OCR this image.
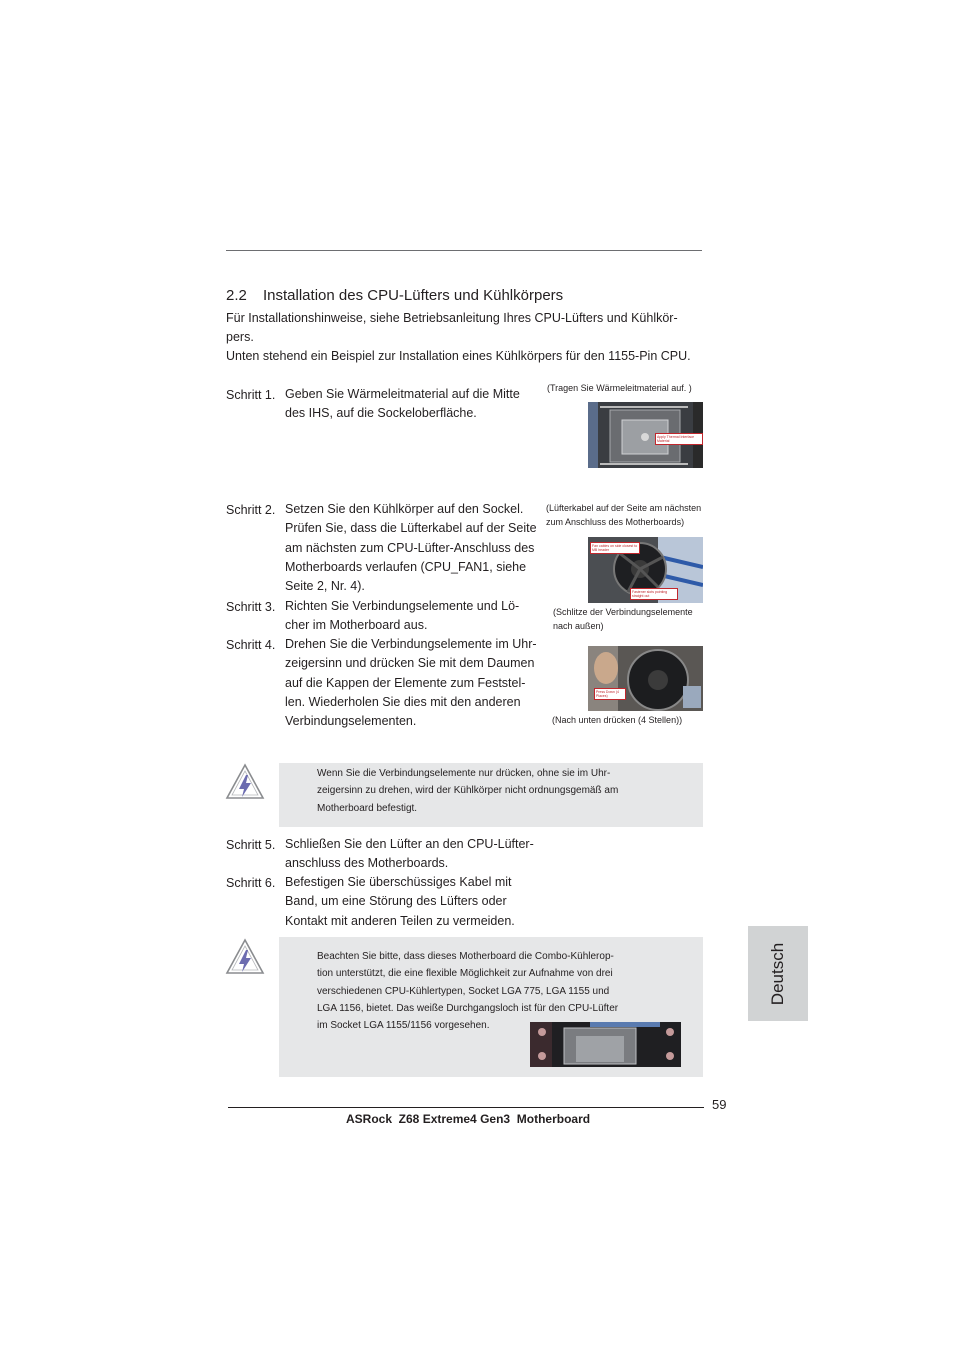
2.2 Installation des CPU-Lüfters und Kühlkörpers
Für Installationshinweise, siehe Betriebsanleitung Ihres CPU-Lüfters und Kühlkör-
pers.
Unten stehend ein Beispiel zur Installation eines Kühlkörpers für den 1155-Pin CPU.
Schritt 1. Geben Sie Wärmeleitmaterial auf die Mitte
des IHS, auf die Sockeloberfläche.
Schritt 2. Setzen Sie den Kühlkörper auf den Sockel.
Prüfen Sie, dass die Lüfterkabel auf der Seite
am nächsten zum CPU-Lüfter-Anschluss des
Motherboards verlaufen (CPU_FAN1, siehe
Seite 2, Nr. 4).
Schritt 3. Richten Sie Verbindungselemente und Lö-
cher im Motherboard aus.
Schritt 4. Drehen Sie die Verbindungselemente im Uhr-
zeigersinn und drücken Sie mit dem Daumen
auf die Kappen der Elemente zum Feststel-
len. Wiederholen Sie dies mit den anderen
Verbindungselementen.
(Tragen Sie Wärmeleitmaterial auf. )
Apply Thermal Interface Material
(Lüfterkabel auf der Seite am nächsten
zum Anschluss des Motherboards)
Fan cables on side closest to MB header
Fastener slots pointing straight out
(Schlitze der Verbindungselemente
nach außen)
Press Down (4 Places)
(Nach unten drücken (4 Stellen))
Wenn Sie die Verbindungselemente nur drücken, ohne sie im Uhr-
zeigersinn zu drehen, wird der Kühlkörper nicht ordnungsgemäß am
Motherboard befestigt.
Schritt 5. Schließen Sie den Lüfter an den CPU-Lüfter-
anschluss des Motherboards.
Schritt 6. Befestigen Sie überschüssiges Kabel mit
Band, um eine Störung des Lüfters oder
Kontakt mit anderen Teilen zu vermeiden.
Beachten Sie bitte, dass dieses Motherboard die Combo-Kühlerop-
tion unterstützt, die eine flexible Möglichkeit zur Aufnahme von drei
verschiedenen CPU-Kühlertypen, Socket LGA 775, LGA 1155 und
LGA 1156, bietet. Das weiße Durchgangsloch ist für den CPU-Lüfter
im Socket LGA 1155/1156 vorgesehen.
Deutsch
59
ASRock  Z68 Extreme4 Gen3  Motherboard
